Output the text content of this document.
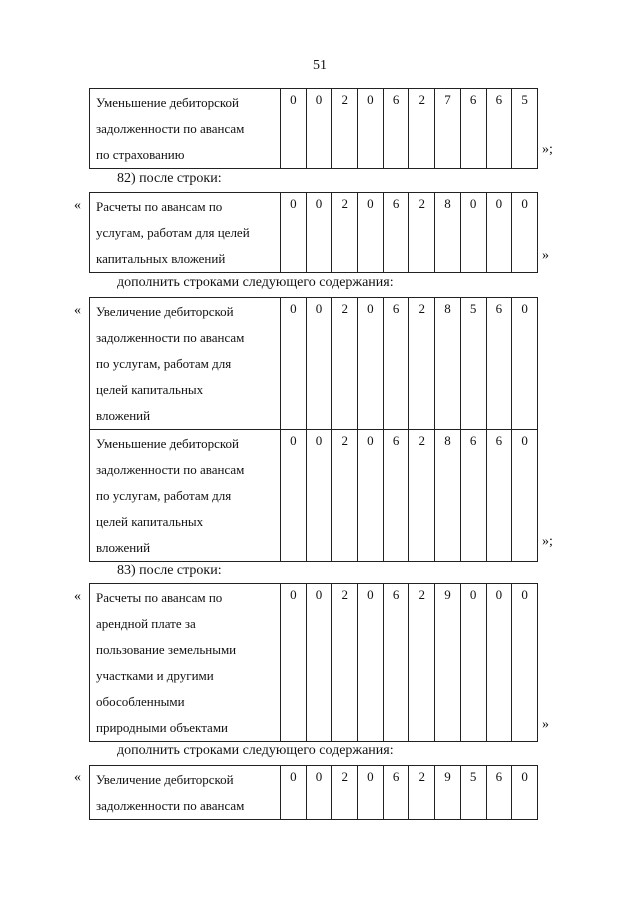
51
Уменьшение дебиторской
задолженности по авансам
по страхованию
	0	0	2	0	6	2	7	6	6	5
»;
82) после строки:
« Расчеты по авансам по
услугам, работам для целей
капитальных вложений
	0	0	2	0	6	2	8	0	0	0
»
дополнить строками следующего содержания:
« Увеличение дебиторской
задолженности по авансам
по услугам, работам для
целей капитальных
вложений	0	0	2	0	6	2	8	5	6	0

Уменьшение дебиторской
задолженности по авансам
по услугам, работам для
целей капитальных
вложений	0	0	2	0	6	2	8	6	6	0
»;
83) после строки:
« Расчеты по авансам по
арендной плате за
пользование земельными
участками и другими
обособленными
природными объектами
	0	0	2	0	6	2	9	0	0	0
»
дополнить строками следующего содержания:
« Увеличение дебиторской
задолженности по авансам
	0	0	2	0	6	2	9	5	6	0
